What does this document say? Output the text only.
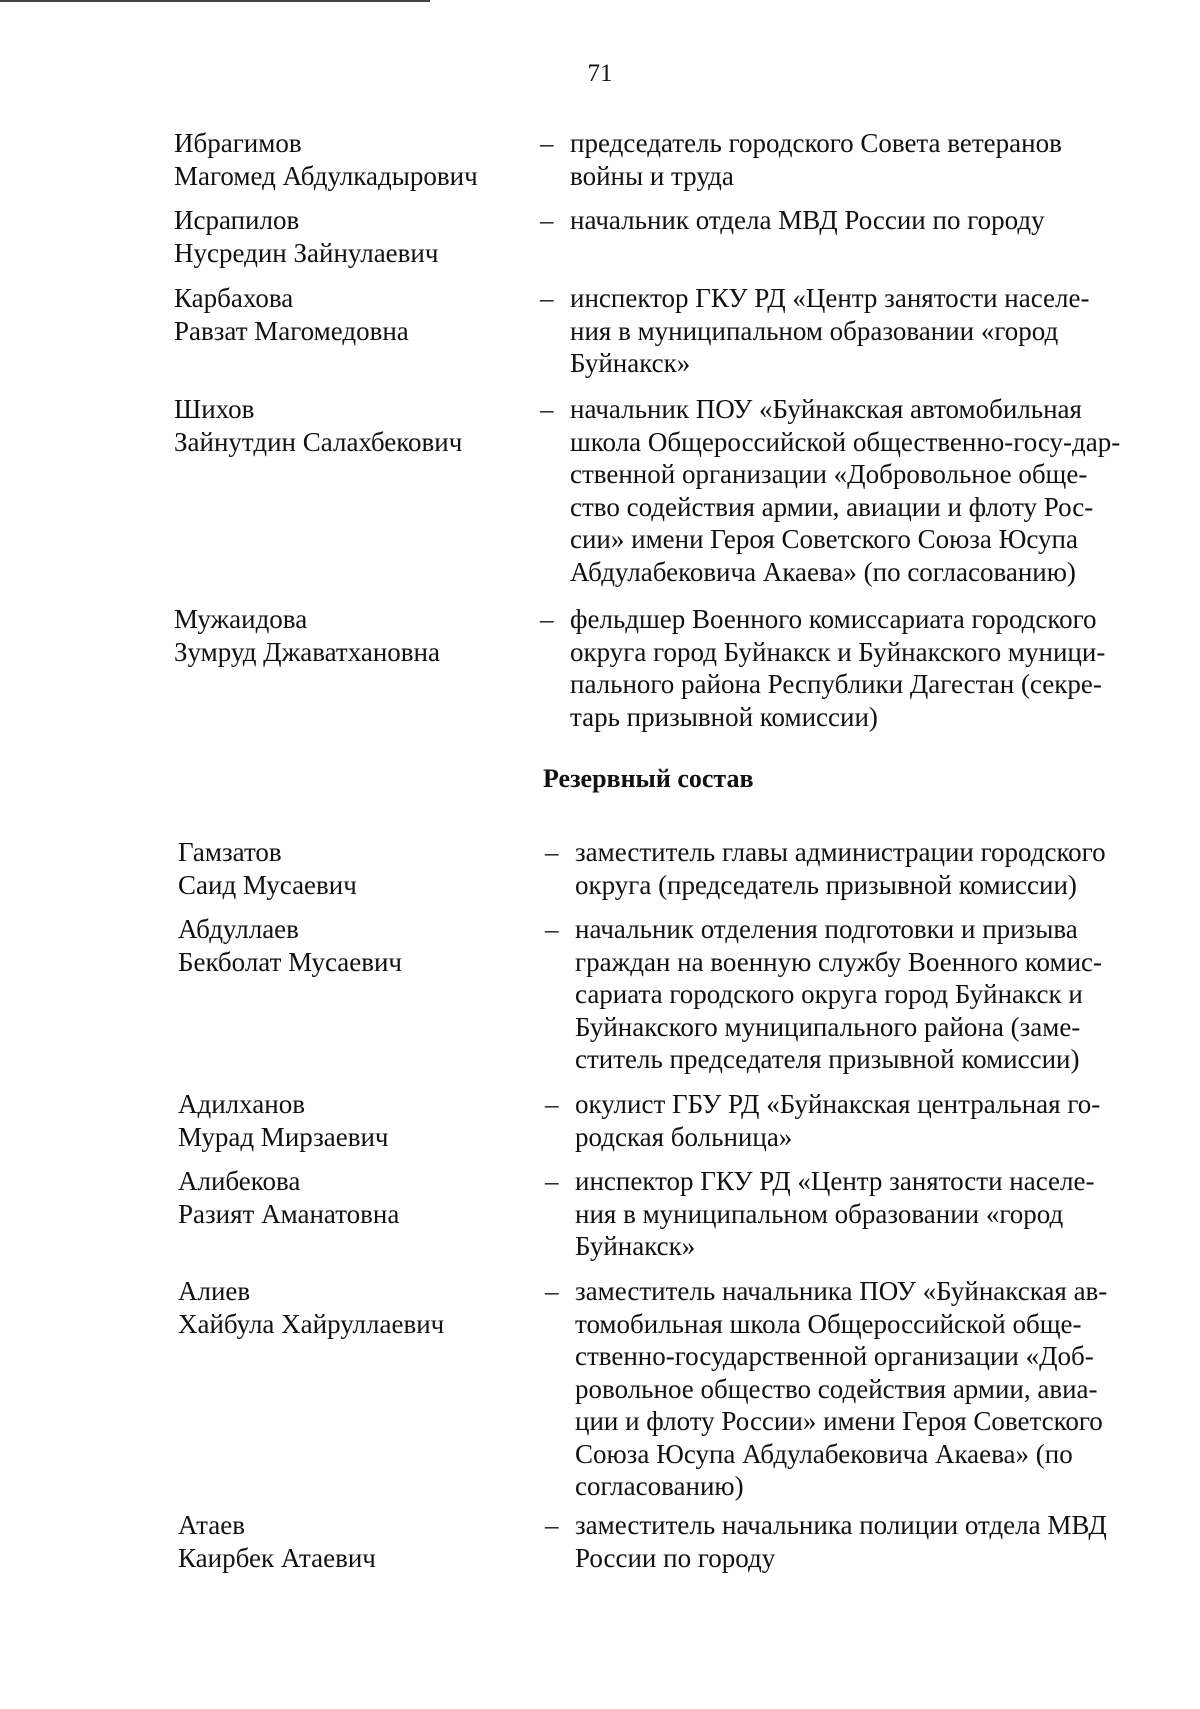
71
Ибрагимов
Магомед Абдулкадырович
– председатель городского Совета ветеранов
войны и труда
Исрапилов
Нусредин Зайнулаевич
– начальник отдела МВД России по городу
Карбахова
Равзат Магомедовна
– инспектор ГКУ РД «Центр занятости населе-
ния в муниципальном образовании «город
Буйнакск»
Шихов
Зайнутдин Салахбекович
– начальник ПОУ «Буйнакская автомобильная
школа Общероссийской общественно-госу-дар-
ственной организации «Добровольное обще-
ство содействия армии, авиации и флоту Рос-
сии» имени Героя Советского Союза Юсупа
Абдулабековича Акаева» (по согласованию)
Мужаидова
Зумруд Джаватхановна
– фельдшер Военного комиссариата городского
округа город Буйнакск и Буйнакского муници-
пального района Республики Дагестан (секре-
тарь призывной комиссии)
Резервный состав
Гамзатов
Саид Мусаевич
– заместитель главы администрации городского
округа (председатель призывной комиссии)
Абдуллаев
Бекболат Мусаевич
– начальник отделения подготовки и призыва
граждан на военную службу Военного комис-
сариата городского округа город Буйнакск и
Буйнакского муниципального района (заме-
ститель председателя призывной комиссии)
Адилханов
Мурад Мирзаевич
– окулист ГБУ РД «Буйнакская центральная го-
родская больница»
Алибекова
Разият Аманатовна
– инспектор ГКУ РД «Центр занятости населе-
ния в муниципальном образовании «город
Буйнакск»
Алиев
Хайбула Хайруллаевич
– заместитель начальника ПОУ «Буйнакская ав-
томобильная школа Общероссийской обще-
ственно-государственной организации «Доб-
ровольное общество содействия армии, авиа-
ции и флоту России» имени Героя Советского
Союза Юсупа Абдулабековича Акаева» (по
согласованию)
Атаев
Каирбек Атаевич
– заместитель начальника полиции отдела МВД
России по городу
